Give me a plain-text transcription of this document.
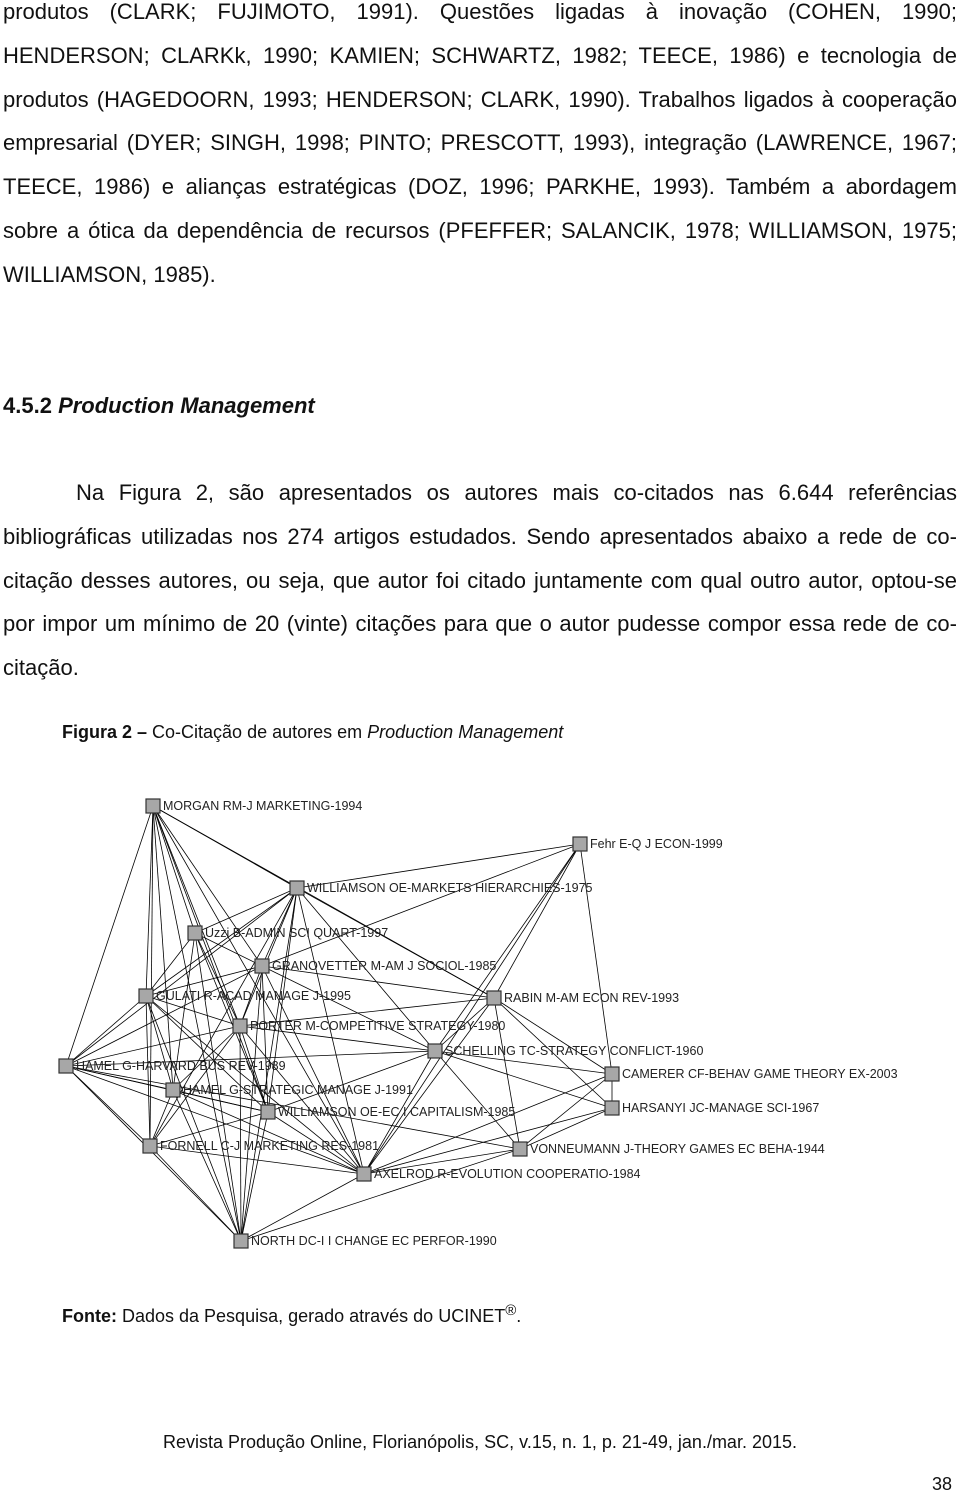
produtos (CLARK; FUJIMOTO, 1991). Questões ligadas à inovação (COHEN, 1990; HENDERSON; CLARKk, 1990; KAMIEN; SCHWARTZ, 1982; TEECE, 1986) e tecnologia de produtos (HAGEDOORN, 1993; HENDERSON; CLARK, 1990). Trabalhos ligados à cooperação empresarial (DYER; SINGH, 1998; PINTO; PRESCOTT, 1993), integração (LAWRENCE, 1967; TEECE, 1986) e alianças estratégicas (DOZ, 1996; PARKHE, 1993). Também a abordagem sobre a ótica da dependência de recursos (PFEFFER; SALANCIK, 1978; WILLIAMSON, 1975; WILLIAMSON, 1985).

4.5.2 Production Management

Na Figura 2, são apresentados os autores mais co-citados nas 6.644 referências bibliográficas utilizadas nos 274 artigos estudados. Sendo apresentados abaixo a rede de co-citação desses autores, ou seja, que autor foi citado juntamente com qual outro autor, optou-se por impor um mínimo de 20 (vinte) citações para que o autor pudesse compor essa rede de co-citação.

Figura 2 – Co-Citação de autores em Production Management

MORGAN RM-J MARKETING-1994
Fehr E-Q J ECON-1999
WILLIAMSON OE-MARKETS HIERARCHIES-1975
Uzzi B-ADMIN SCI QUART-1997
GRANOVETTER M-AM J SOCIOL-1985
GULATI R-ACAD MANAGE J-1995	RABIN M-AM ECON REV-1993
PORTER M-COMPETITIVE STRATEGY-1980
SCHELLING TC-STRATEGY CONFLICT-1960
HAMEL G-HARVARD BUS REV-1989
CAMERER CF-BEHAV GAME THEORY EX-2003
HAMEL G-STRATEGIC MANAGE J-1991
HARSANYI JC-MANAGE SCI-1967
WILLIAMSON OE-EC I CAPITALISM-1985
FORNELL C-J MARKETING RES-1981	VONNEUMANN J-THEORY GAMES EC BEHA-1944
AXELROD R-EVOLUTION COOPERATIO-1984
NORTH DC-I I CHANGE EC PERFOR-1990

Fonte: Dados da Pesquisa, gerado através do UCINET®.

Revista Produção Online, Florianópolis, SC, v.15, n. 1, p. 21-49, jan./mar. 2015.

38
